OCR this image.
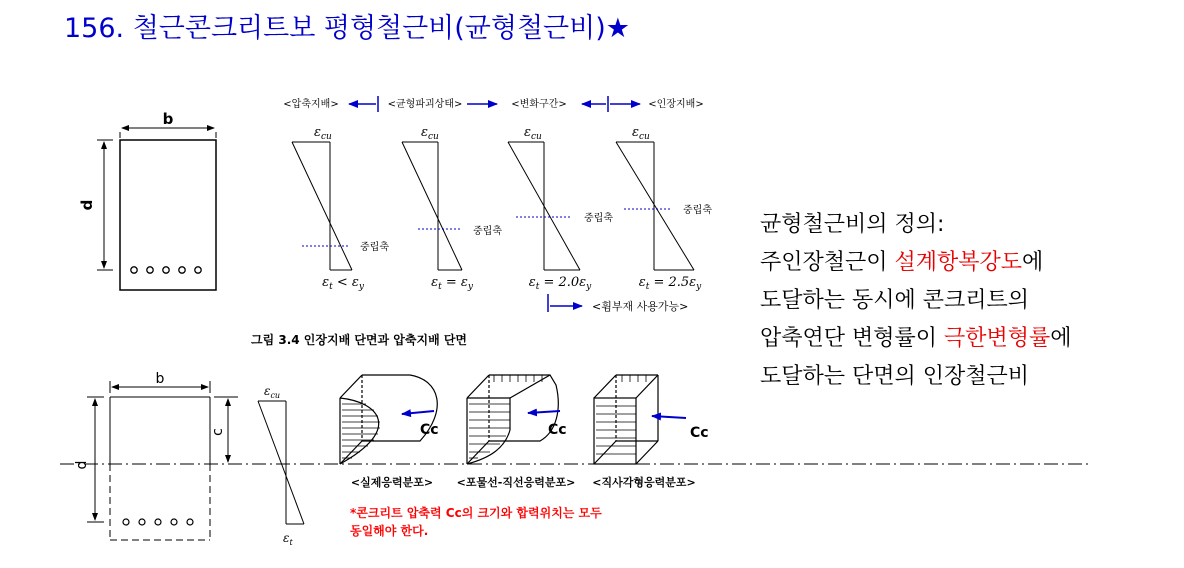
156. 철근콘크리트보 평형철근비(균형철근비)★
b
d
<압축지배>	<균형파괴상태>	<변화구간>	<인장지배>
$\varepsilon_{cu}$
중립축
$\varepsilon_t < \varepsilon_y$
$\varepsilon_{cu}$
중립축
$\varepsilon_t = \varepsilon_y$
$\varepsilon_{cu}$
중립축
$\varepsilon_t = 2.0\varepsilon_y$
$\varepsilon_{cu}$
중립축
$\varepsilon_t = 2.5\varepsilon_y$
<휨부재 사용가능>
그림 3.4 인장지배 단면과 압축지배 단면
b
d
c
$\varepsilon_{cu}$
$\varepsilon_t$
Cc	Cc	Cc
<실제응력분포> <포물선-직선응력분포> <직사각형응력분포>
*콘크리트 압축력 Cc의 크기와 합력위치는 모두
동일해야 한다.
균형철근비의 정의:
주인장철근이 설계항복강도에
도달하는 동시에 콘크리트의
압축연단 변형률이 극한변형률에
도달하는 단면의 인장철근비
